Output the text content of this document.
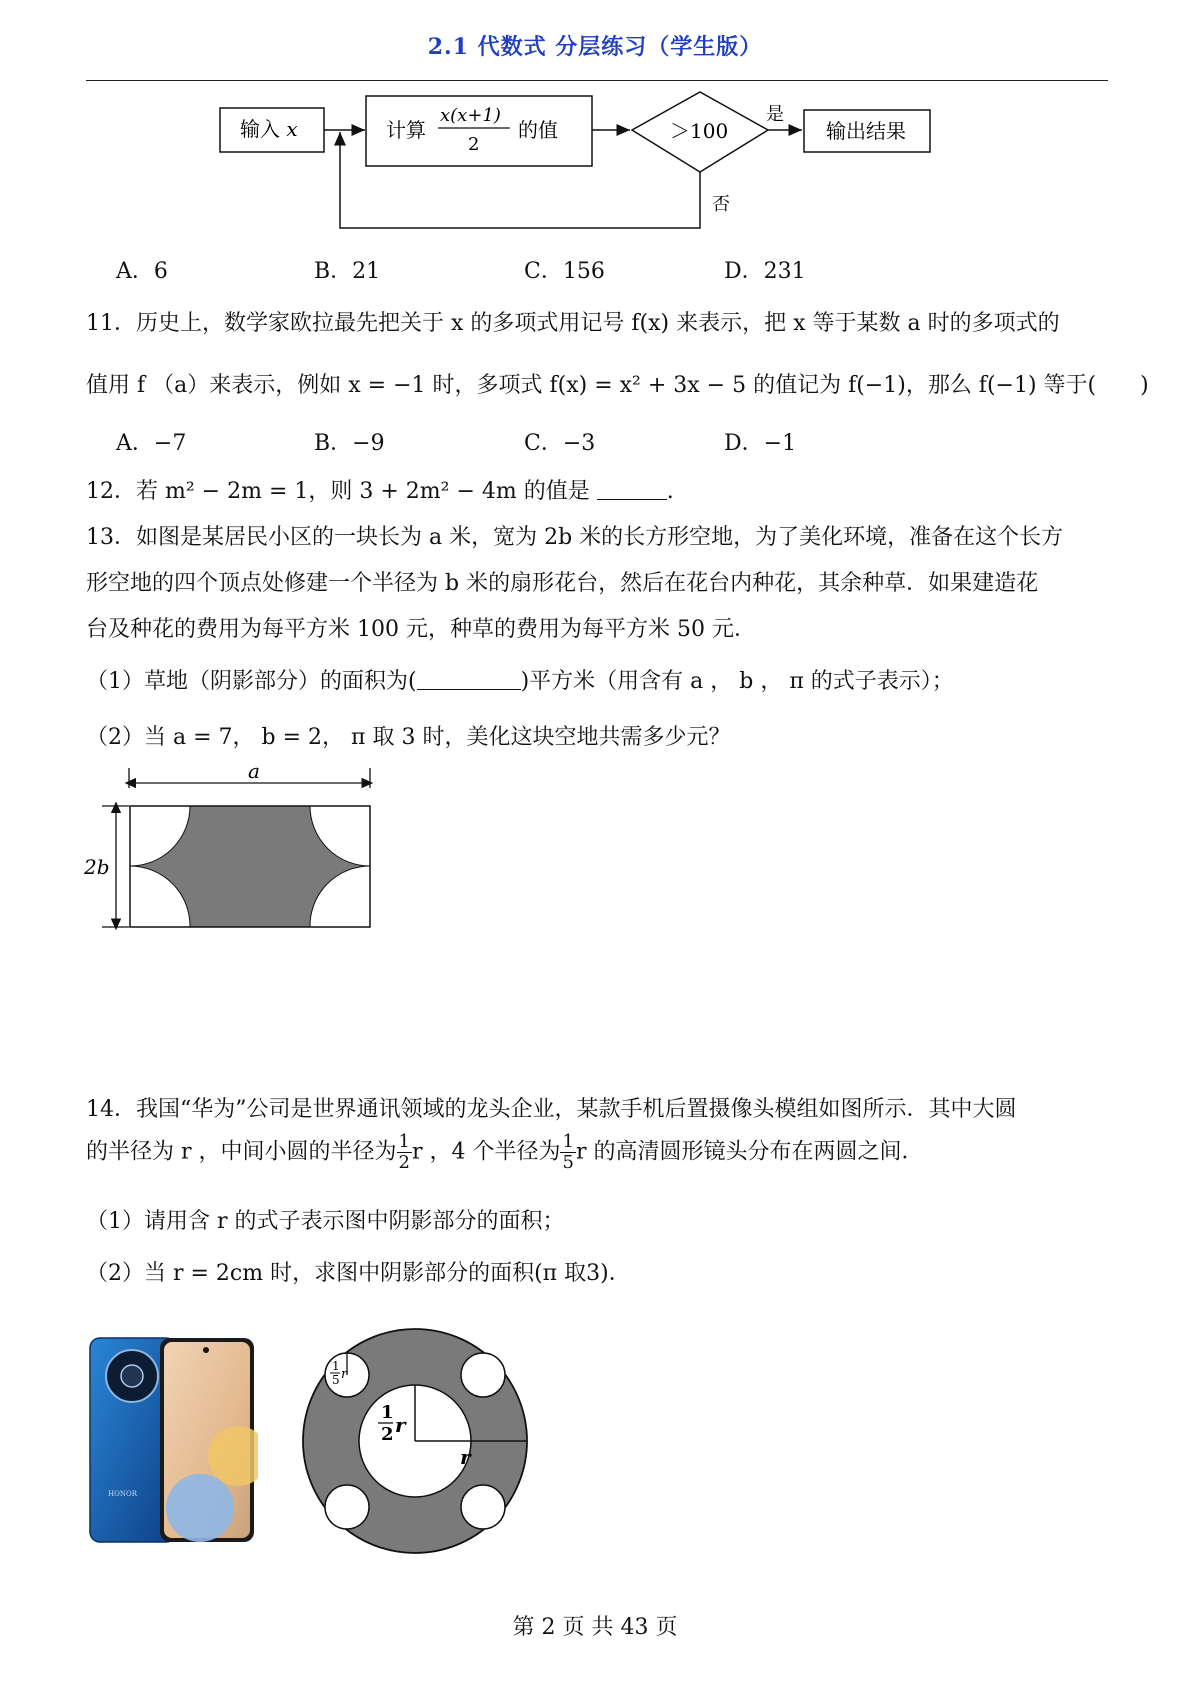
2.1 代数式 分层练习（学生版）
输入 x	计算
x(x+1)
2
的值	＞100
是
输出结果
否
A．6	B．21	C．156	D．231
11．历史上，数学家欧拉最先把关于 x 的多项式用记号 f(x) 来表示，把 x 等于某数 a 时的多项式的
值用 f （a）来表示，例如 x = −1 时，多项式 f(x) = x² + 3x − 5 的值记为 f(−1)，那么 f(−1) 等于(　　)
A．−7	B．−9	C．−3	D．−1
12．若 m² − 2m = 1，则 3 + 2m² − 4m 的值是	.
13．如图是某居民小区的一块长为 a 米，宽为 2b 米的长方形空地，为了美化环境，准备在这个长方
形空地的四个顶点处修建一个半径为 b 米的扇形花台，然后在花台内种花，其余种草．如果建造花
台及种花的费用为每平方米 100 元，种草的费用为每平方米 50 元．
（1）草地（阴影部分）的面积为(	)平方米（用含有 a ， b ， π 的式子表示）；
（2）当 a = 7， b = 2， π 取 3 时，美化这块空地共需多少元？
a
2b
14．我国“华为”公司是世界通讯领域的龙头企业，某款手机后置摄像头模组如图所示．其中大圆
的半径为 r ，中间小圆的半径为 $\frac{1}{2}$ r ，4 个半径为 $\frac{1}{5}$ r 的高清圆形镜头分布在两圆之间．
（1）请用含 r 的式子表示图中阴影部分的面积；
（2）当 r = 2cm 时，求图中阴影部分的面积(π 取3)．
HONOR
1
2 r
1
5 r
r
第 2 页 共 43 页
